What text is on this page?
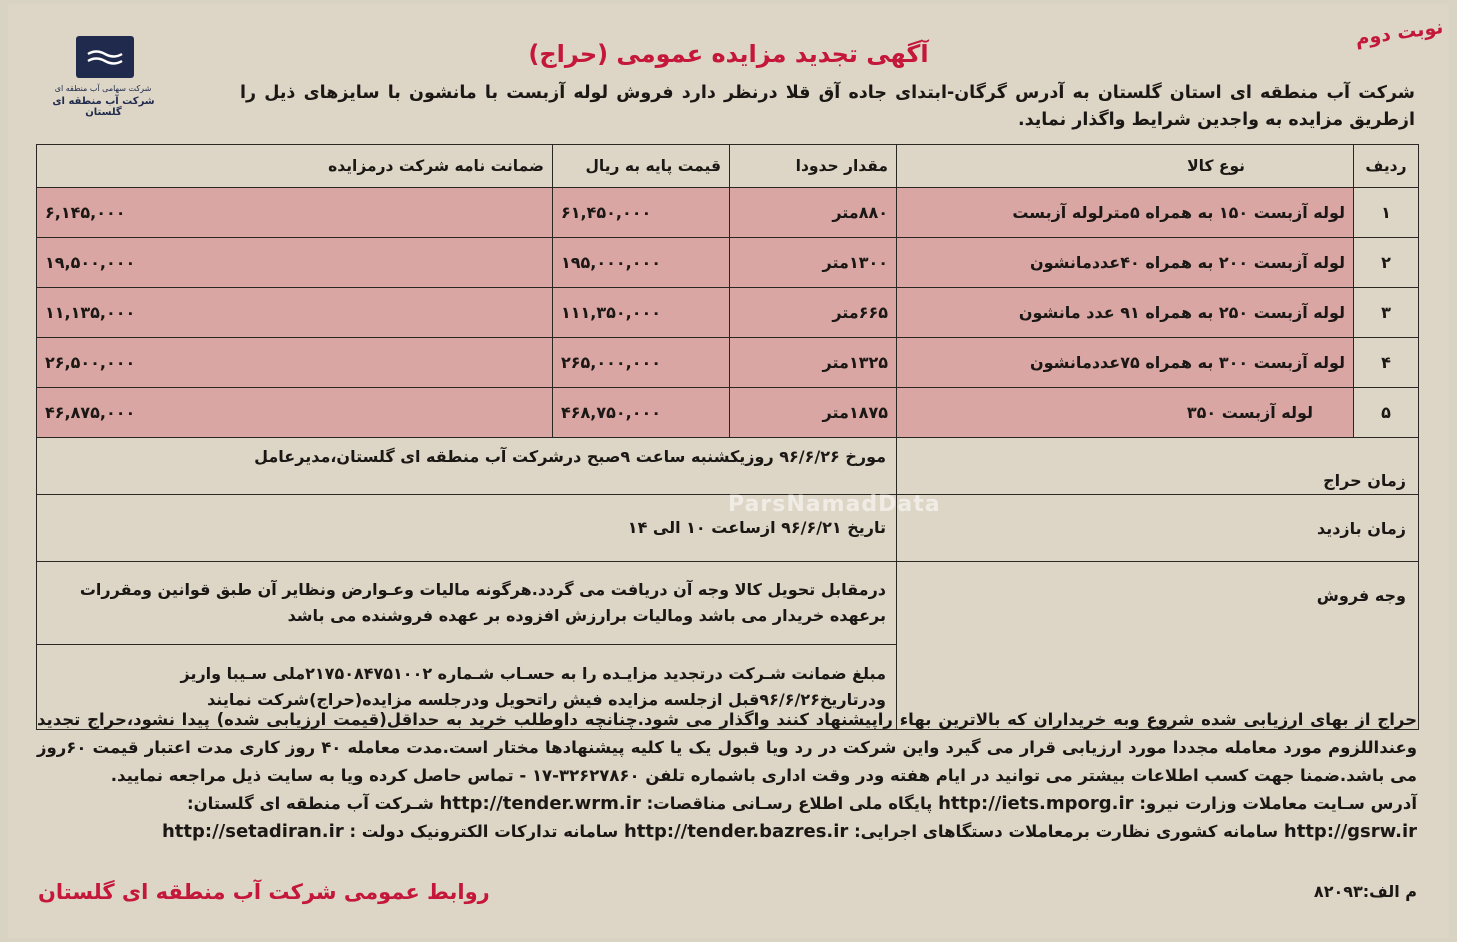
نوبت دوم
آگهی تجدید مزایده عمومی (حراج)
شرکت سهامی آب منطقه ای
شرکت آب منطقه ای گلستان
شرکت آب منطقه ای استان گلستان به آدرس گرگان-ابتدای جاده آق قلا درنظر دارد فروش لوله آزبست با مانشون با سایزهای ذیل را ازطریق مزایده به واجدین شرایط واگذار نماید.
ردیف	نوع کالا	مقدار حدودا	قیمت پایه به ریال	ضمانت نامه شرکت درمزایده
۱	لوله آزبست ۱۵۰ به همراه ۵مترلوله آزبست	۸۸۰متر	۶۱,۴۵۰,۰۰۰	۶,۱۴۵,۰۰۰
۲	لوله آزبست ۲۰۰ به همراه ۴۰عددمانشون	۱۳۰۰متر	۱۹۵,۰۰۰,۰۰۰	۱۹,۵۰۰,۰۰۰
۳	لوله آزبست ۲۵۰ به همراه ۹۱ عدد مانشون	۶۶۵متر	۱۱۱,۳۵۰,۰۰۰	۱۱,۱۳۵,۰۰۰
۴	لوله آزبست ۳۰۰ به همراه ۷۵عددمانشون	۱۳۲۵متر	۲۶۵,۰۰۰,۰۰۰	۲۶,۵۰۰,۰۰۰
۵	لوله آزبست ۳۵۰	۱۸۷۵متر	۴۶۸,۷۵۰,۰۰۰	۴۶,۸۷۵,۰۰۰
زمان حراج		مورخ ۹۶/۶/۲۶ روزیکشنبه ساعت ۹صبح درشرکت آب منطقه ای گلستان،مدیرعامل		
زمان بازدید		تاریخ ۹۶/۶/۲۱ ازساعت ۱۰ الی ۱۴		
وجه فروش		درمقابل تحویل کالا وجه آن دریافت می گردد.هرگونه مالیات وعـوارض ونظایر آن طبق قوانین ومقررات برعهده خریدار می باشد ومالیات برارزش افزوده بر عهده فروشنده می باشد		
		مبلغ ضمانت شـرکت درتجدید مزایـده را به حسـاب شـماره ۲۱۷۵۰۸۴۷۵۱۰۰۲ملی سـیبا واریز ودرتاریخ۹۶/۶/۲۶قبل ازجلسه مزایده فیش راتحویل ودرجلسه مزایده(حراج)شرکت نمایند		
ParsNamadData
حراج از بهای ارزیابی شده شروع وبه خریداران که بالاترین بهاء راپیشنهاد کنند واگذار می شود.چنانچه داوطلب خرید به حداقل(قیمت ارزیابی شده) پیدا نشود،حراج تجدید وعنداللزوم مورد معامله مجددا مورد ارزیابی قرار می گیرد واین شرکت در رد ویا قبول یک یا کلیه پیشنهادها مختار است.مدت معامله ۴۰ روز کاری مدت اعتبار قیمت ۶۰روز می باشد.ضمنا جهت کسب اطلاعات بیشتر می توانید در ایام هفته ودر وقت اداری باشماره تلفن ۳۲۶۲۷۸۶۰-۱۷ - تماس حاصل کرده ویا به سایت ذیل مراجعه نمایید.
آدرس سـایت معاملات وزارت نیرو: http://iets.mporg.ir پایگاه ملی اطلاع رسـانی مناقصات: http://tender.wrm.ir شـرکت آب منطقه ای گلستان:
http://gsrw.ir سامانه کشوری نظارت برمعاملات دستگاهای اجرایی: http://tender.bazres.ir سامانه تدارکات الکترونیک دولت : http://setadiran.ir
م الف:۸۲۰۹۳
روابط عمومی شرکت آب منطقه ای گلستان
